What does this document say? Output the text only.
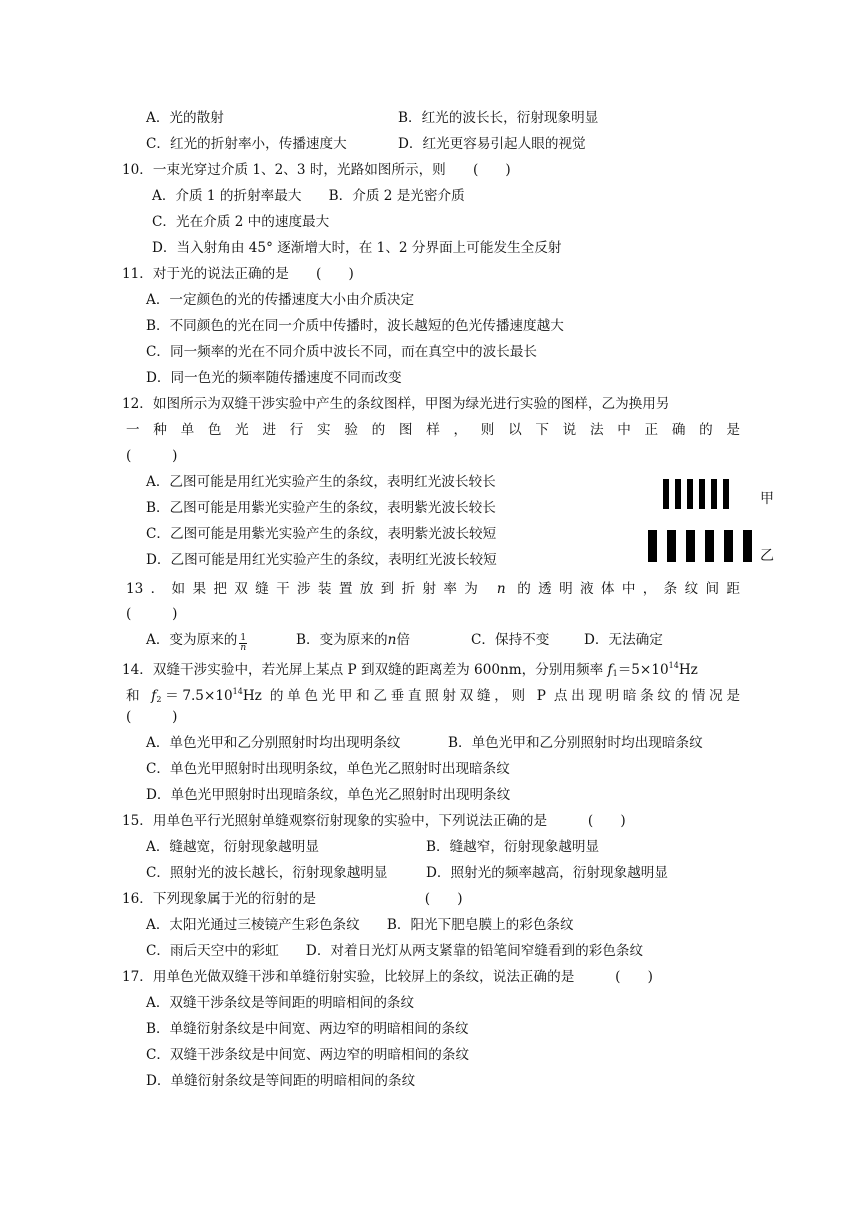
A．光的散射	B．红光的波长长，衍射现象明显
C．红光的折射率小，传播速度大	D．红光更容易引起人眼的视觉
10．一束光穿过介质 1、2、3 时，光路如图所示，则　　(　　)
A．介质 1 的折射率最大　　B．介质 2 是光密介质
C．光在介质 2 中的速度最大
D．当入射角由 45° 逐渐增大时，在 1、2 分界面上可能发生全反射
11．对于光的说法正确的是　　(　　)
A．一定颜色的光的传播速度大小由介质决定
B．不同颜色的光在同一介质中传播时，波长越短的色光传播速度越大
C．同一频率的光在不同介质中波长不同，而在真空中的波长最长
D．同一色光的频率随传播速度不同而改变
12．如图所示为双缝干涉实验中产生的条纹图样，甲图为绿光进行实验的图样，乙为换用另
一种单色光进行实验的图样，则以下说法中正确的是
(　　　)
A．乙图可能是用红光实验产生的条纹，表明红光波长较长
B．乙图可能是用紫光实验产生的条纹，表明紫光波长较长
C．乙图可能是用紫光实验产生的条纹，表明紫光波长较短
D．乙图可能是用红光实验产生的条纹，表明红光波长较短
甲
乙
13．如果把双缝干涉装置放到折射率为 n 的透明液体中，条纹间距
(　　　)
A．变为原来的 $\frac{1}{n}$	B．变为原来的n倍	C．保持不变	D．无法确定
14．双缝干涉实验中，若光屏上某点 P 到双缝的距离差为 600nm，分别用频率 $f_1=5\times 10^{14}Hz$
和 $f_2=7.5\times 10^{14}Hz$ 的单色光甲和乙垂直照射双缝，则 P 点出现明暗条纹的情况是
(　　　)
A．单色光甲和乙分别照射时均出现明条纹	B．单色光甲和乙分别照射时均出现暗条纹
C．单色光甲照射时出现明条纹，单色光乙照射时出现暗条纹
D．单色光甲照射时出现暗条纹，单色光乙照射时出现明条纹
15．用单色平行光照射单缝观察衍射现象的实验中，下列说法正确的是　　　(　　)
A．缝越宽，衍射现象越明显	B．缝越窄，衍射现象越明显
C．照射光的波长越长，衍射现象越明显	D．照射光的频率越高，衍射现象越明显
16．下列现象属于光的衍射的是　　　　　　　　(　　)
A．太阳光通过三棱镜产生彩色条纹　　B．阳光下肥皂膜上的彩色条纹
C．雨后天空中的彩虹　　D．对着日光灯从两支紧靠的铅笔间窄缝看到的彩色条纹
17．用单色光做双缝干涉和单缝衍射实验，比较屏上的条纹，说法正确的是　　　(　　)
A．双缝干涉条纹是等间距的明暗相间的条纹
B．单缝衍射条纹是中间宽、两边窄的明暗相间的条纹
C．双缝干涉条纹是中间宽、两边窄的明暗相间的条纹
D．单缝衍射条纹是等间距的明暗相间的条纹
